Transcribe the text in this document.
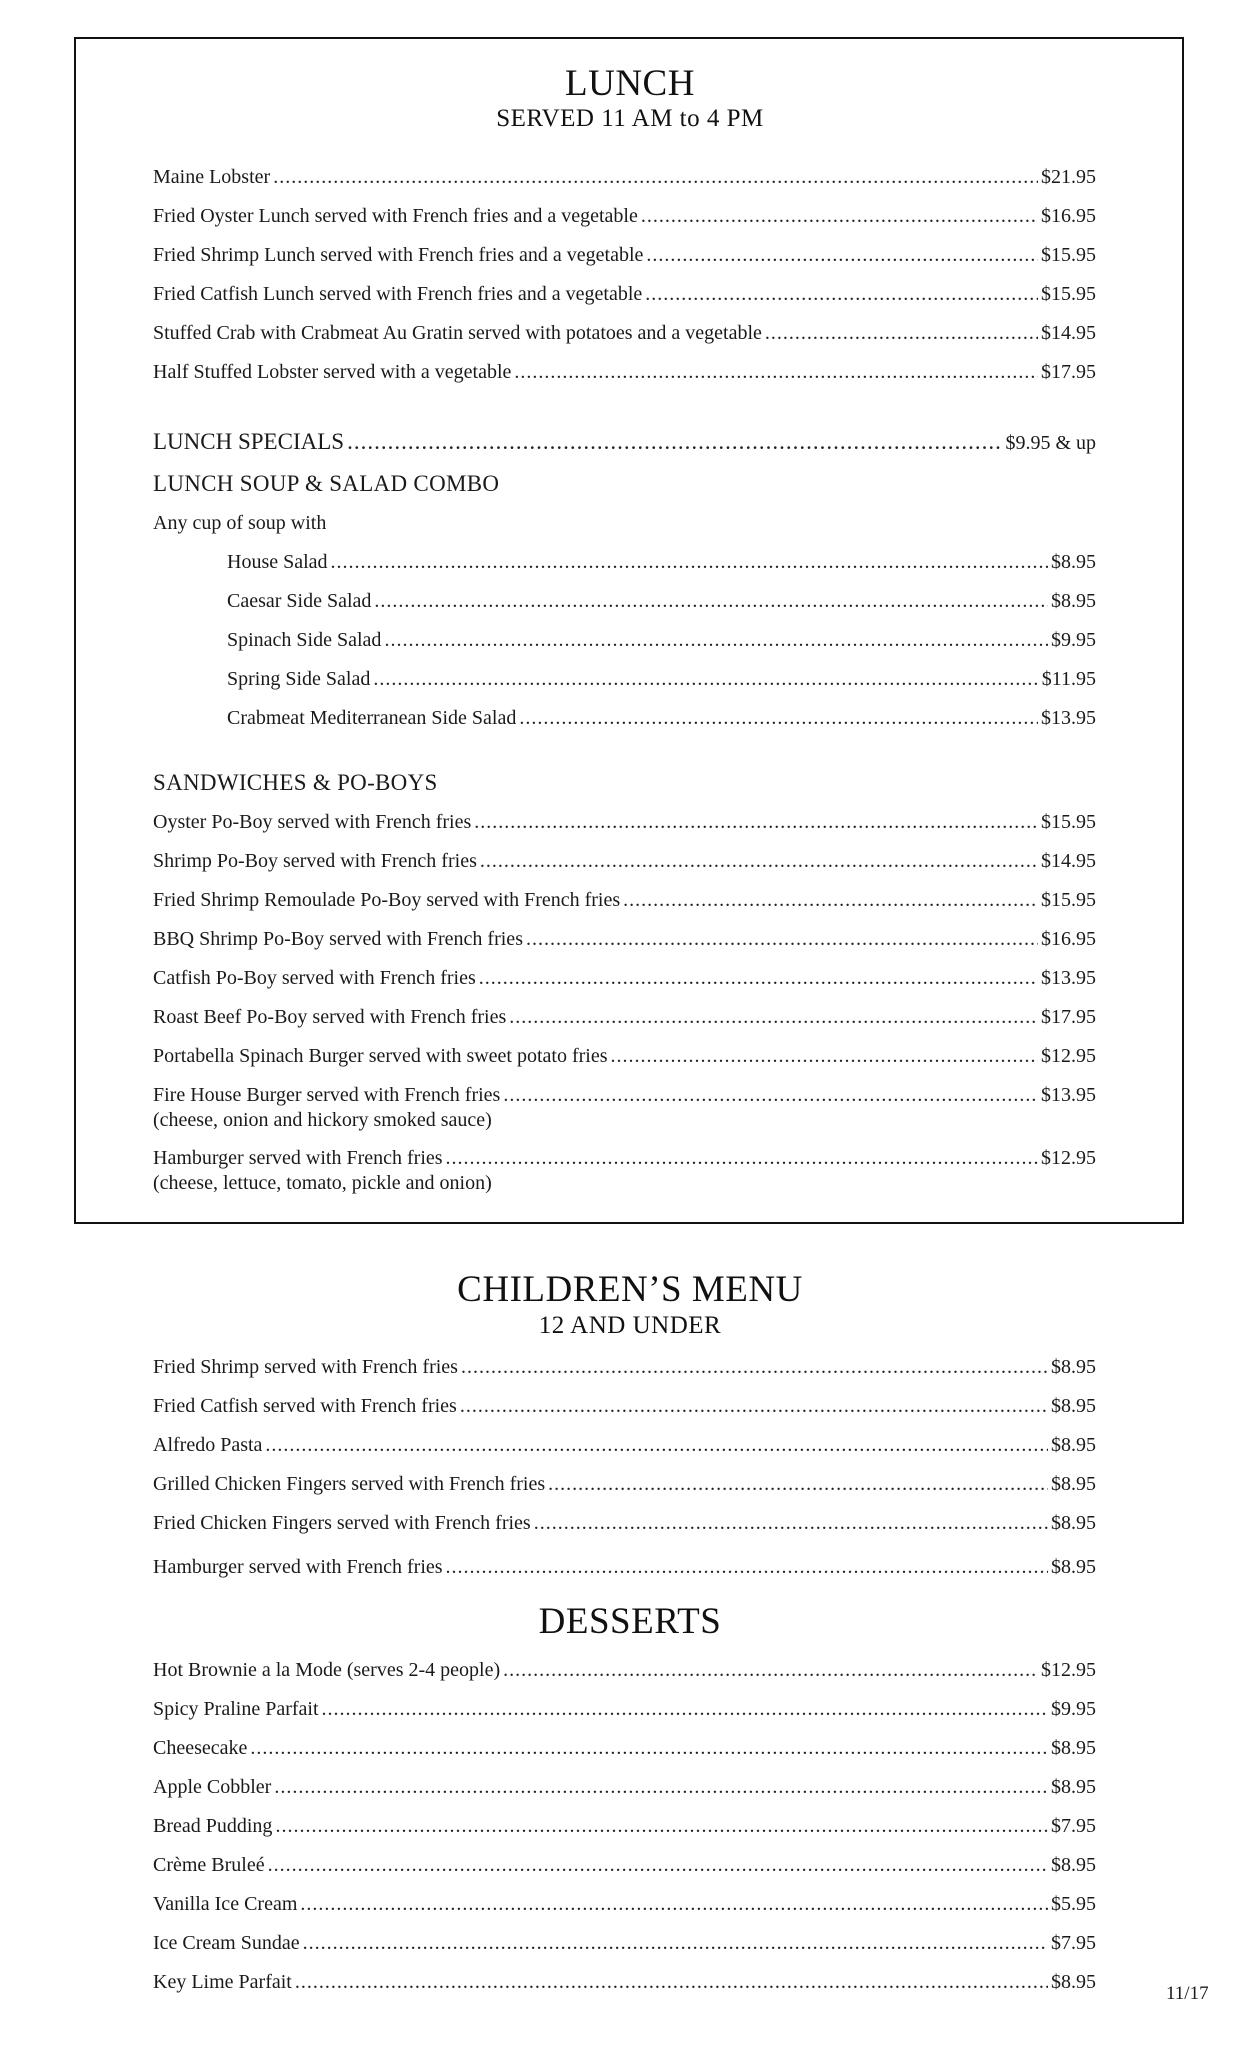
LUNCH
SERVED 11 AM to 4 PM
Maine Lobster .....	$21.95
Fried Oyster Lunch served with French fries and a vegetable .....	$16.95
Fried Shrimp Lunch served with French fries and a vegetable .....	$15.95
Fried Catfish Lunch served with French fries and a vegetable .....	$15.95
Stuffed Crab with Crabmeat Au Gratin served with potatoes and a vegetable .....	$14.95
Half Stuffed Lobster served with a vegetable .....	$17.95
LUNCH SPECIALS .....	$9.95 & up
LUNCH SOUP & SALAD COMBO
Any cup of soup with
House Salad .....	$8.95
Caesar Side Salad .....	$8.95
Spinach Side Salad .....	$9.95
Spring Side Salad .....	$11.95
Crabmeat Mediterranean Side Salad .....	$13.95
SANDWICHES & PO-BOYS
Oyster Po-Boy served with French fries .....	$15.95
Shrimp Po-Boy served with French fries .....	$14.95
Fried Shrimp Remoulade Po-Boy served with French fries .....	$15.95
BBQ Shrimp Po-Boy served with French fries .....	$16.95
Catfish Po-Boy served with French fries .....	$13.95
Roast Beef Po-Boy served with French fries .....	$17.95
Portabella Spinach Burger served with sweet potato fries .....	$12.95
Fire House Burger served with French fries .....	$13.95
(cheese, onion and hickory smoked sauce)
Hamburger served with French fries .....	$12.95
(cheese, lettuce, tomato, pickle and onion)
CHILDREN’S MENU
12 AND UNDER
Fried Shrimp served with French fries .....	$8.95
Fried Catfish served with French fries .....	$8.95
Alfredo Pasta .....	$8.95
Grilled Chicken Fingers served with French fries .....	$8.95
Fried Chicken Fingers served with French fries .....	$8.95
Hamburger served with French fries .....	$8.95
DESSERTS
Hot Brownie a la Mode (serves 2-4 people) .....	$12.95
Spicy Praline Parfait .....	$9.95
Cheesecake .....	$8.95
Apple Cobbler .....	$8.95
Bread Pudding .....	$7.95
Crème Bruleé .....	$8.95
Vanilla Ice Cream .....	$5.95
Ice Cream Sundae .....	$7.95
Key Lime Parfait .....	$8.95
11/17
